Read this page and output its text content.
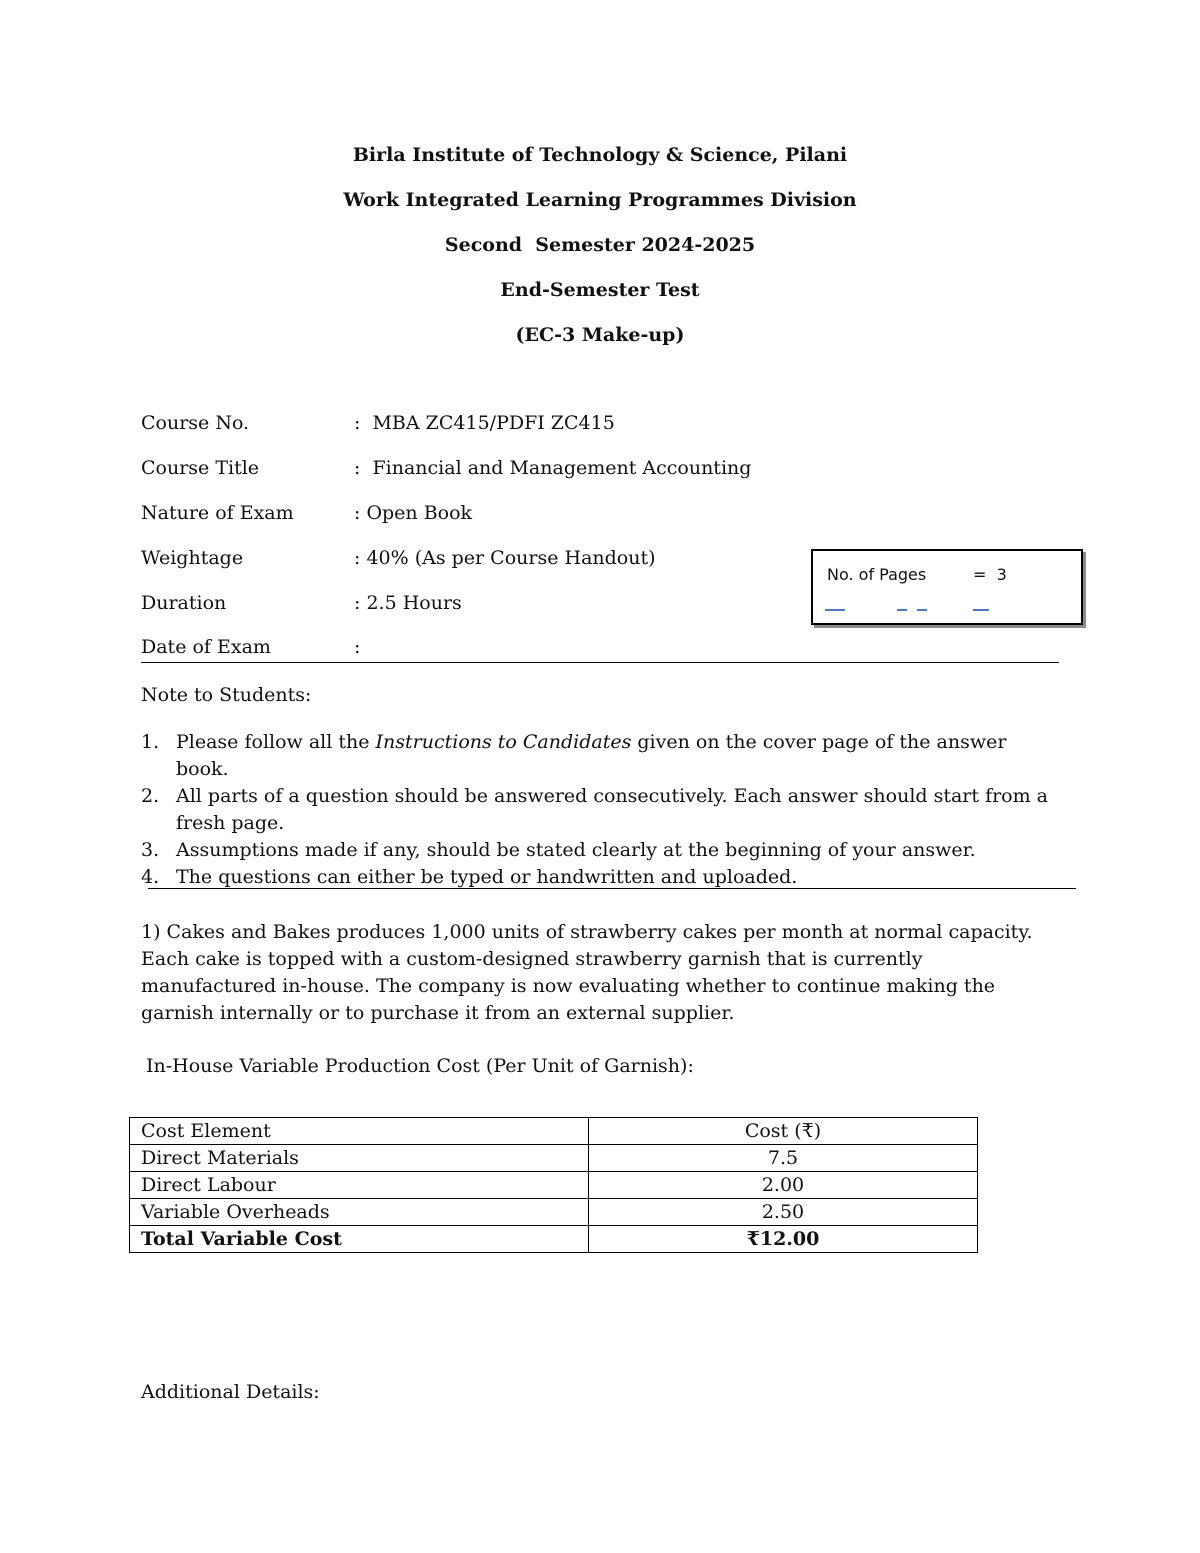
Birla Institute of Technology & Science, Pilani
Work Integrated Learning Programmes Division
Second  Semester 2024-2025
End-Semester Test
(EC-3 Make-up)
Course No.	:  MBA ZC415/PDFI ZC415
Course Title	:  Financial and Management Accounting
Nature of Exam	: Open Book
Weightage	: 40% (As per Course Handout)
Duration	: 2.5 Hours
Date of Exam	:
No. of Pages	=  3
Note to Students:
1. Please follow all the Instructions to Candidates given on the cover page of the answer book.
2. All parts of a question should be answered consecutively. Each answer should start from a fresh page.
3. Assumptions made if any, should be stated clearly at the beginning of your answer.
4. The questions can either be typed or handwritten and uploaded.

1) Cakes and Bakes produces 1,000 units of strawberry cakes per month at normal capacity. Each cake is topped with a custom-designed strawberry garnish that is currently manufactured in-house. The company is now evaluating whether to continue making the garnish internally or to purchase it from an external supplier.

In-House Variable Production Cost (Per Unit of Garnish):
Cost Element	Cost (₹)
Direct Materials	7.5
Direct Labour	2.00
Variable Overheads	2.50
Total Variable Cost	₹12.00
Additional Details:
